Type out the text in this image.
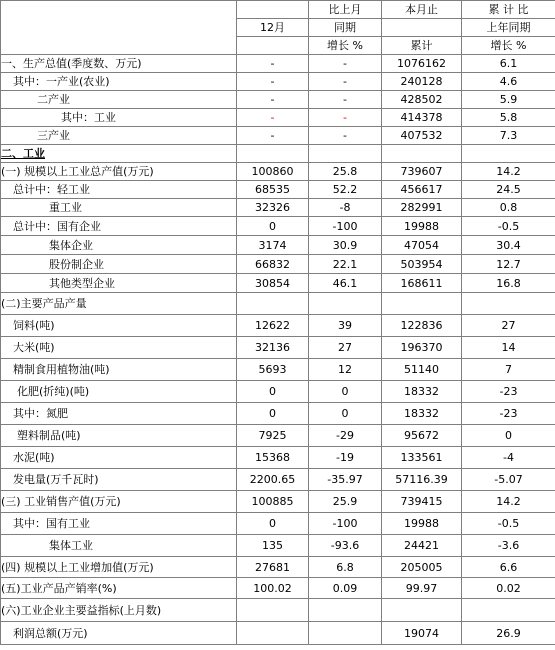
		比上月	本月止	累 计 比
	12月	同期		上年同期
		增长 %	累计	增长 %
一、生产总值(季度数、万元)	-	-	1076162	6.1
其中：一产业(农业)	-	-	240128	4.6
二产业	-	-	428502	5.9
其中：工业	-	-	414378	5.8
三产业	-	-	407532	7.3
二、工业				
(一) 规模以上工业总产值(万元)	100860	25.8	739607	14.2
总计中：轻工业	68535	52.2	456617	24.5
重工业	32326	-8	282991	0.8
总计中：国有企业	0	-100	19988	-0.5
集体企业	3174	30.9	47054	30.4
股份制企业	66832	22.1	503954	12.7
其他类型企业	30854	46.1	168611	16.8
(二)主要产品产量				
饲料(吨)	12622	39	122836	27
大米(吨)	32136	27	196370	14
精制食用植物油(吨)	5693	12	51140	7
化肥(折纯)(吨)	0	0	18332	-23
其中：氮肥	0	0	18332	-23
塑料制品(吨)	7925	-29	95672	0
水泥(吨)	15368	-19	133561	-4
发电量(万千瓦时)	2200.65	-35.97	57116.39	-5.07
(三) 工业销售产值(万元)	100885	25.9	739415	14.2
其中：国有工业	0	-100	19988	-0.5
集体工业	135	-93.6	24421	-3.6
(四) 规模以上工业增加值(万元)	27681	6.8	205005	6.6
(五)工业产品产销率(%)	100.02	0.09	99.97	0.02
(六)工业企业主要益指标(上月数)				
利润总额(万元)			19074	26.9
